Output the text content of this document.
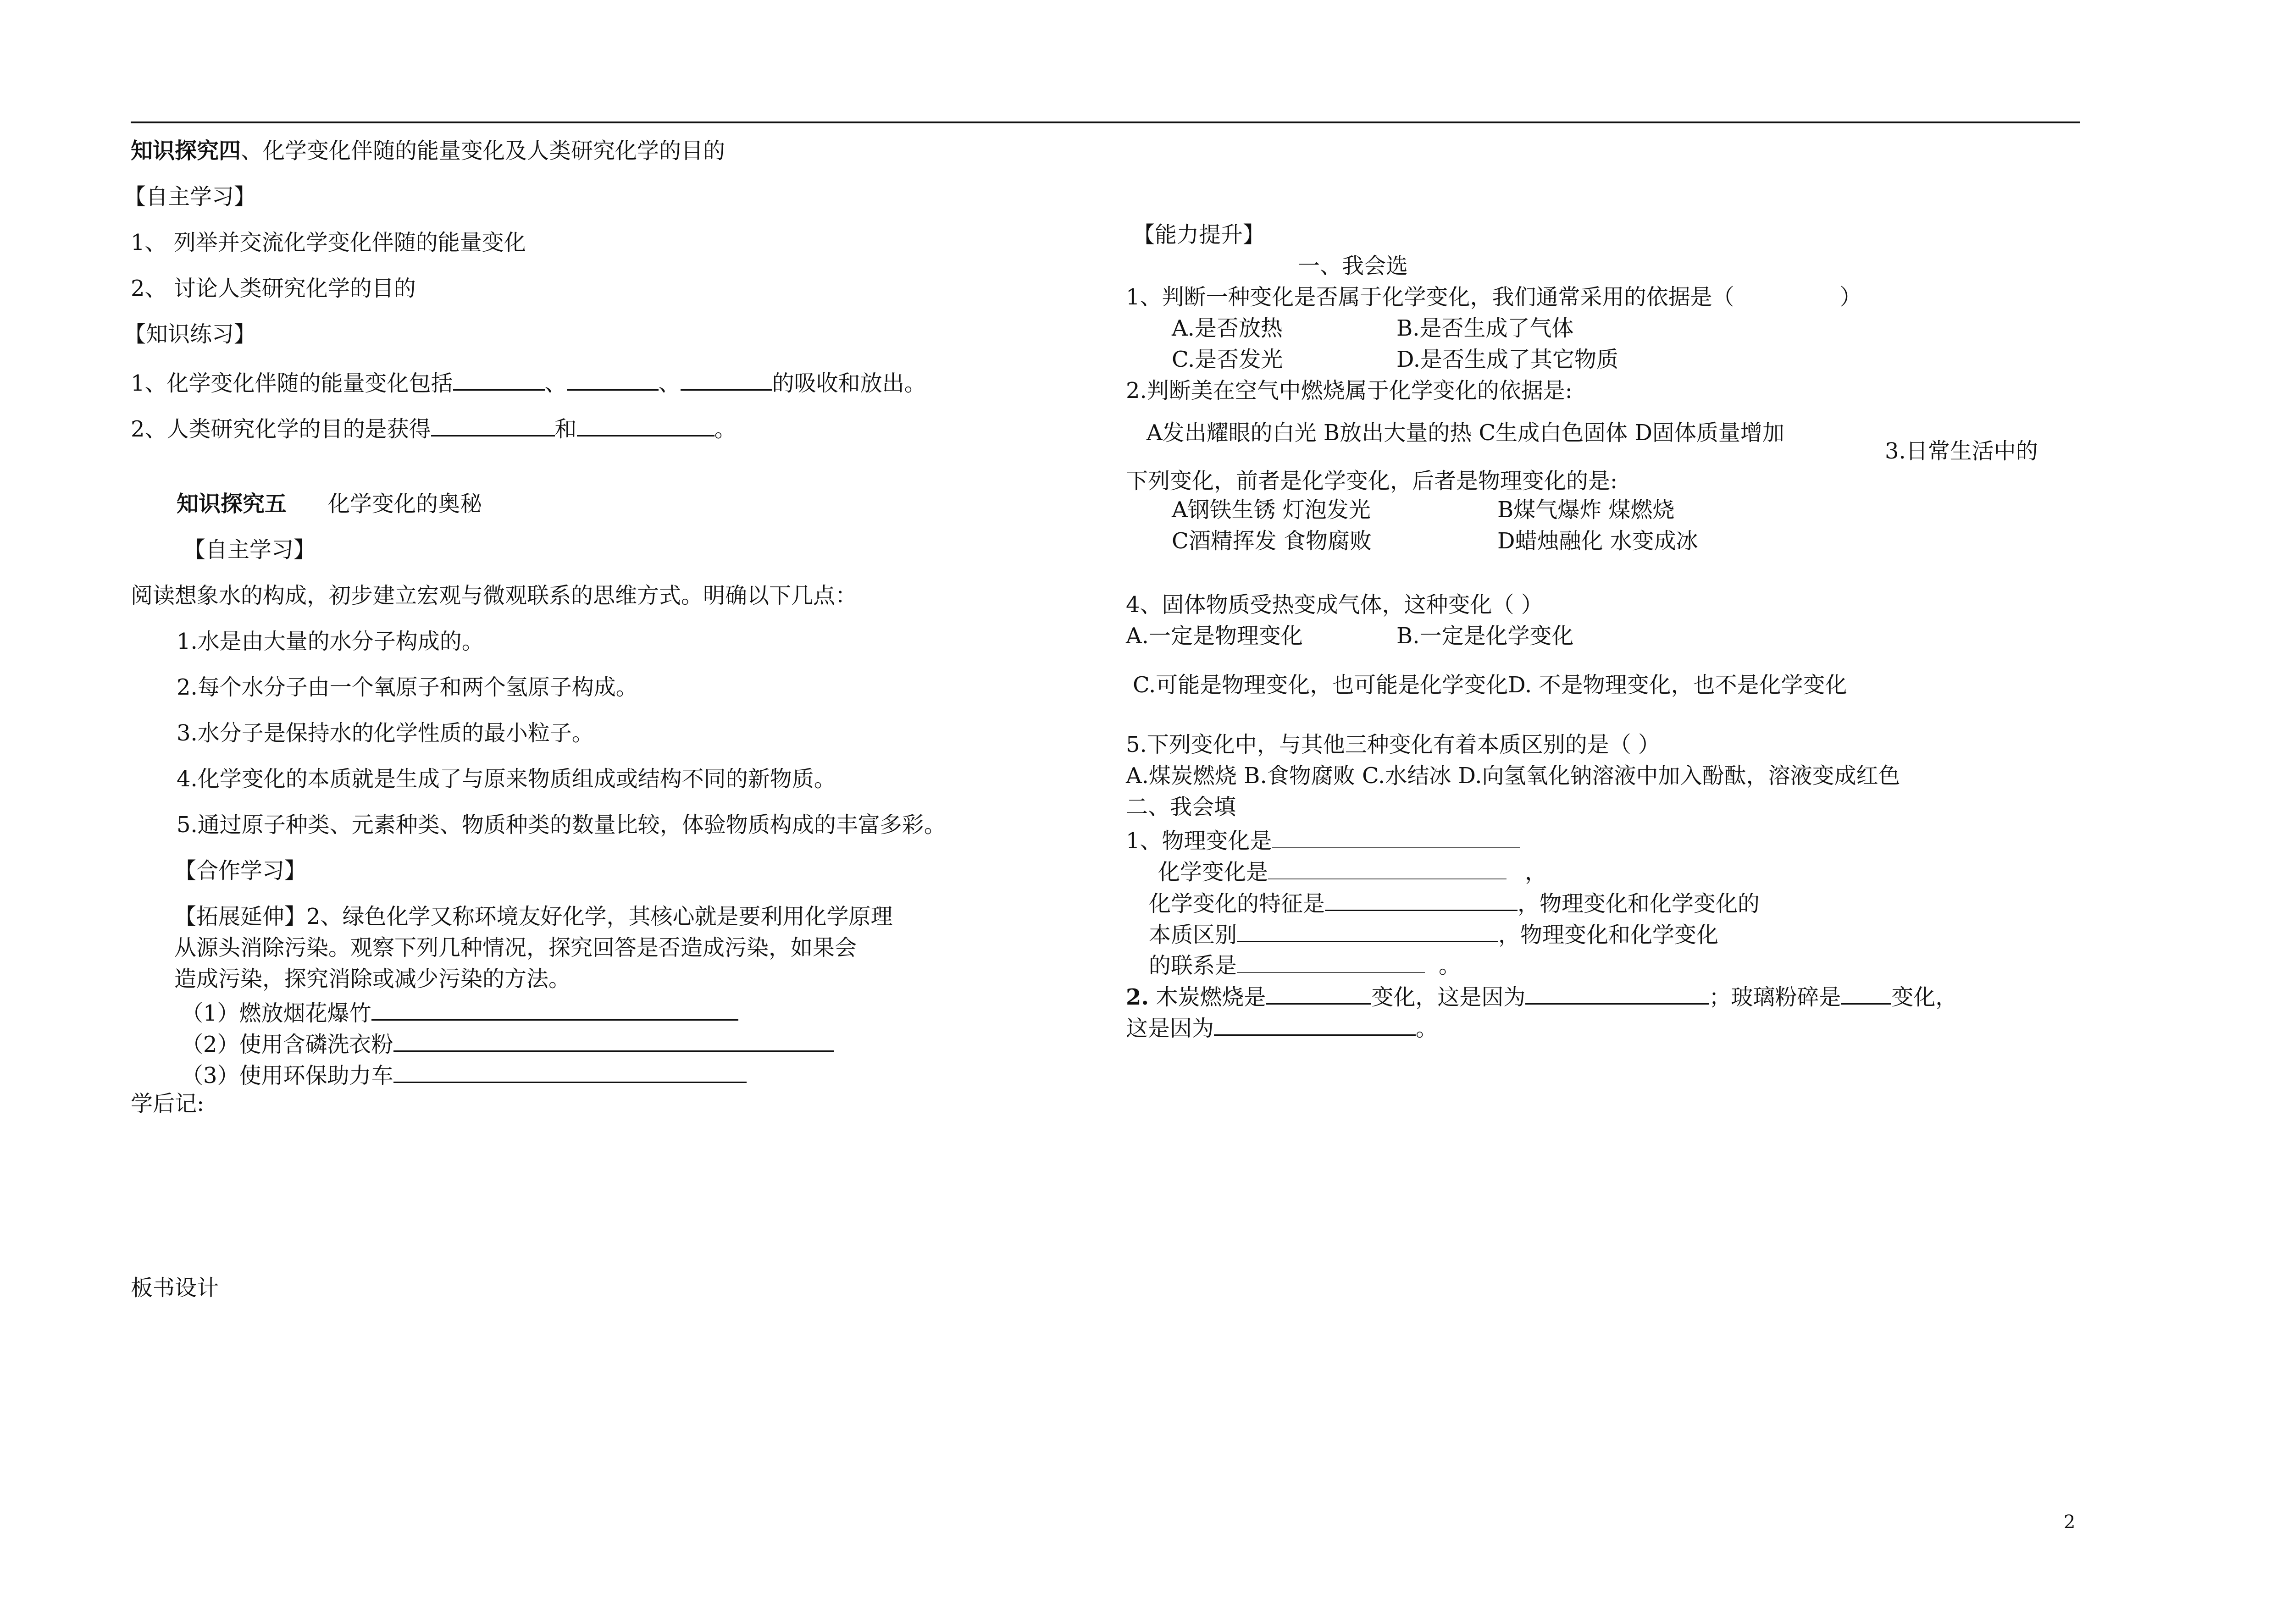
知识探究四、化学变化伴随的能量变化及人类研究化学的目的
【自主学习】
1、 列举并交流化学变化伴随的能量变化
2、 讨论人类研究化学的目的
【知识练习】
1、化学变化伴随的能量变化包括	、	、	的吸收和放出。
2、人类研究化学的目的是获得	和	。
知识探究五 化学变化的奥秘
【自主学习】
阅读想象水的构成，初步建立宏观与微观联系的思维方式。明确以下几点：
1.水是由大量的水分子构成的。
2.每个水分子由一个氧原子和两个氢原子构成。
3.水分子是保持水的化学性质的最小粒子。
4.化学变化的本质就是生成了与原来物质组成或结构不同的新物质。
5.通过原子种类、元素种类、物质种类的数量比较，体验物质构成的丰富多彩。
【合作学习】
【拓展延伸】2、绿色化学又称环境友好化学，其核心就是要利用化学原理
从源头消除污染。观察下列几种情况，探究回答是否造成污染，如果会
造成污染，探究消除或减少污染的方法。
（1）燃放烟花爆竹
（2）使用含磷洗衣粉
（3）使用环保助力车
学后记:
板书设计
【能力提升】
一、我会选
1、判断一种变化是否属于化学变化，我们通常采用的依据是（	）
A.是否放热	B.是否生成了气体
C.是否发光	D.是否生成了其它物质
2.判断美在空气中燃烧属于化学变化的依据是:
A发出耀眼的白光 B放出大量的热 C生成白色固体 D固体质量增加
3.日常生活中的
下列变化，前者是化学变化，后者是物理变化的是:
A钢铁生锈 灯泡发光	B煤气爆炸 煤燃烧
C酒精挥发 食物腐败	D蜡烛融化 水变成冰
4、固体物质受热变成气体，这种变化（ ）
A.一定是物理变化	B.一定是化学变化
C.可能是物理变化，也可能是化学变化D. 不是物理变化，也不是化学变化
5.下列变化中，与其他三种变化有着本质区别的是（ ）
A.煤炭燃烧 B.食物腐败 C.水结冰 D.向氢氧化钠溶液中加入酚酞，溶液变成红色
二、我会填
1、物理变化是
化学变化是	，
化学变化的特征是	，物理变化和化学变化的
本质区别	，物理变化和化学变化
的联系是	。
2. 木炭燃烧是	变化，这是因为	；玻璃粉碎是 变化，
这是因为	。
2
